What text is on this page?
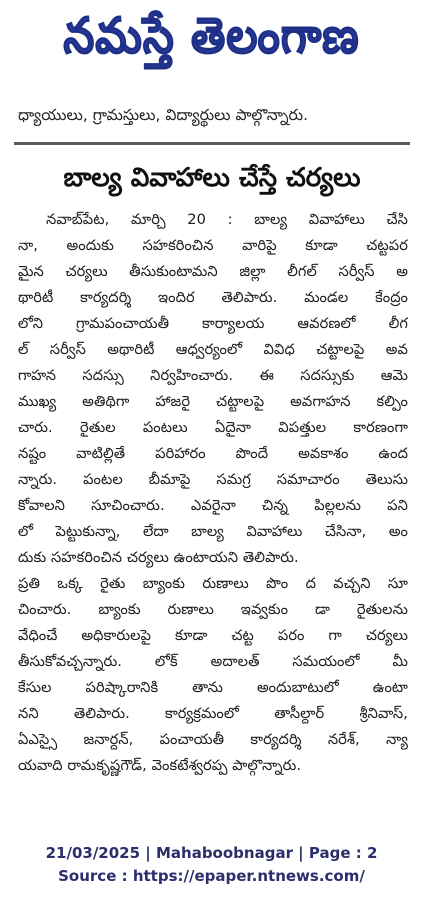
నమస్తే తెలంగాణ
ధ్యాయులు, గ్రామస్తులు, విద్యార్థులు పాల్గొన్నారు.
బాల్య వివాహాలు చేస్తే చర్యలు
నవాబ్‌పేట, మార్చి 20 : బాల్య వివాహాలు చేసి
నా, అందుకు సహకరించిన వారిపై కూడా చట్టపర
మైన చర్యలు తీసుకుంటామని జిల్లా లీగల్ సర్వీస్ అ
థారిటీ కార్యదర్శి ఇందిర తెలిపారు. మండల కేంద్రం
లోని గ్రామపంచాయతీ కార్యాలయ ఆవరణలో లీగ
ల్ సర్వీస్ అథారిటీ ఆధ్వర్యంలో వివిధ చట్టాలపై అవ
గాహన సదస్సు నిర్వహించారు. ఈ సదస్సుకు ఆమె
ముఖ్య అతిథిగా హాజరై చట్టాలపై అవగాహన కల్పిం
చారు. రైతుల పంటలు ఏదైనా విపత్తుల కారణంగా
నష్టం వాటిల్లితే పరిహారం పొందే అవకాశం ఉంద
న్నారు. పంటల బీమాపై సమగ్ర సమాచారం తెలుసు
కోవాలని సూచించారు. ఎవరైనా చిన్న పిల్లలను పని
లో పెట్టుకున్నా, లేదా బాల్య వివాహాలు చేసినా, అం
దుకు సహకరించిన చర్యలు ఉంటాయని తెలిపారు.
ప్రతి ఒక్క రైతు బ్యాంకు రుణాలు పొం ద వచ్చని సూ
చించారు. బ్యాంకు రుణాలు ఇవ్వకుం డా రైతులను
వేధించే అధికారులపై కూడా చట్ట పరం గా చర్యలు
తీసుకోవచ్చన్నారు. లోక్ అదాలత్ సమయంలో మీ
కేసుల పరిష్కారానికి తాను అందుబాటులో ఉంటా
నని తెలిపారు. కార్యక్రమంలో తాసీల్దార్ శ్రీనివాస్,
ఏఎస్సై జనార్దన్, పంచాయతీ కార్యదర్శి నరేశ్, న్యా
యవాది రామకృష్ణగౌడ్, వెంకటేశ్వరప్ప పాల్గొన్నారు.
21/03/2025 | Mahaboobnagar | Page : 2
Source : https://epaper.ntnews.com/
